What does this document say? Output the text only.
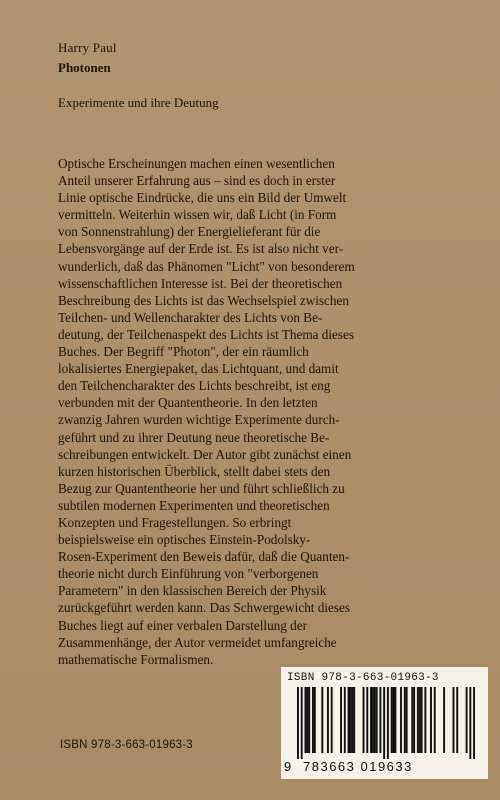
Harry Paul
Photonen
Experimente und ihre Deutung
Optische Erscheinungen machen einen wesentlichen
Anteil unserer Erfahrung aus – sind es doch in erster
Linie optische Eindrücke, die uns ein Bild der Umwelt
vermitteln. Weiterhin wissen wir, daß Licht (in Form
von Sonnenstrahlung) der Energielieferant für die
Lebensvorgänge auf der Erde ist. Es ist also nicht ver-
wunderlich, daß das Phänomen "Licht" von besonderem
wissenschaftlichen Interesse ist. Bei der theoretischen
Beschreibung des Lichts ist das Wechselspiel zwischen
Teilchen- und Wellencharakter des Lichts von Be-
deutung, der Teilchenaspekt des Lichts ist Thema dieses
Buches. Der Begriff "Photon", der ein räumlich
lokalisiertes Energiepaket, das Lichtquant, und damit
den Teilchencharakter des Lichts beschreibt, ist eng
verbunden mit der Quantentheorie. In den letzten
zwanzig Jahren wurden wichtige Experimente durch-
geführt und zu ihrer Deutung neue theoretische Be-
schreibungen entwickelt. Der Autor gibt zunächst einen
kurzen historischen Überblick, stellt dabei stets den
Bezug zur Quantentheorie her und führt schließlich zu
subtilen modernen Experimenten und theoretischen
Konzepten und Fragestellungen. So erbringt
beispielsweise ein optisches Einstein-Podolsky-
Rosen-Experiment den Beweis dafür, daß die Quanten-
theorie nicht durch Einführung von "verborgenen
Parametern" in den klassischen Bereich der Physik
zurückgeführt werden kann. Das Schwergewicht dieses
Buches liegt auf einer verbalen Darstellung der
Zusammenhänge, der Autor vermeidet umfangreiche
mathematische Formalismen.
ISBN 978-3-663-01963-3
ISBN 978-3-663-01963-3
9 783663 019633
